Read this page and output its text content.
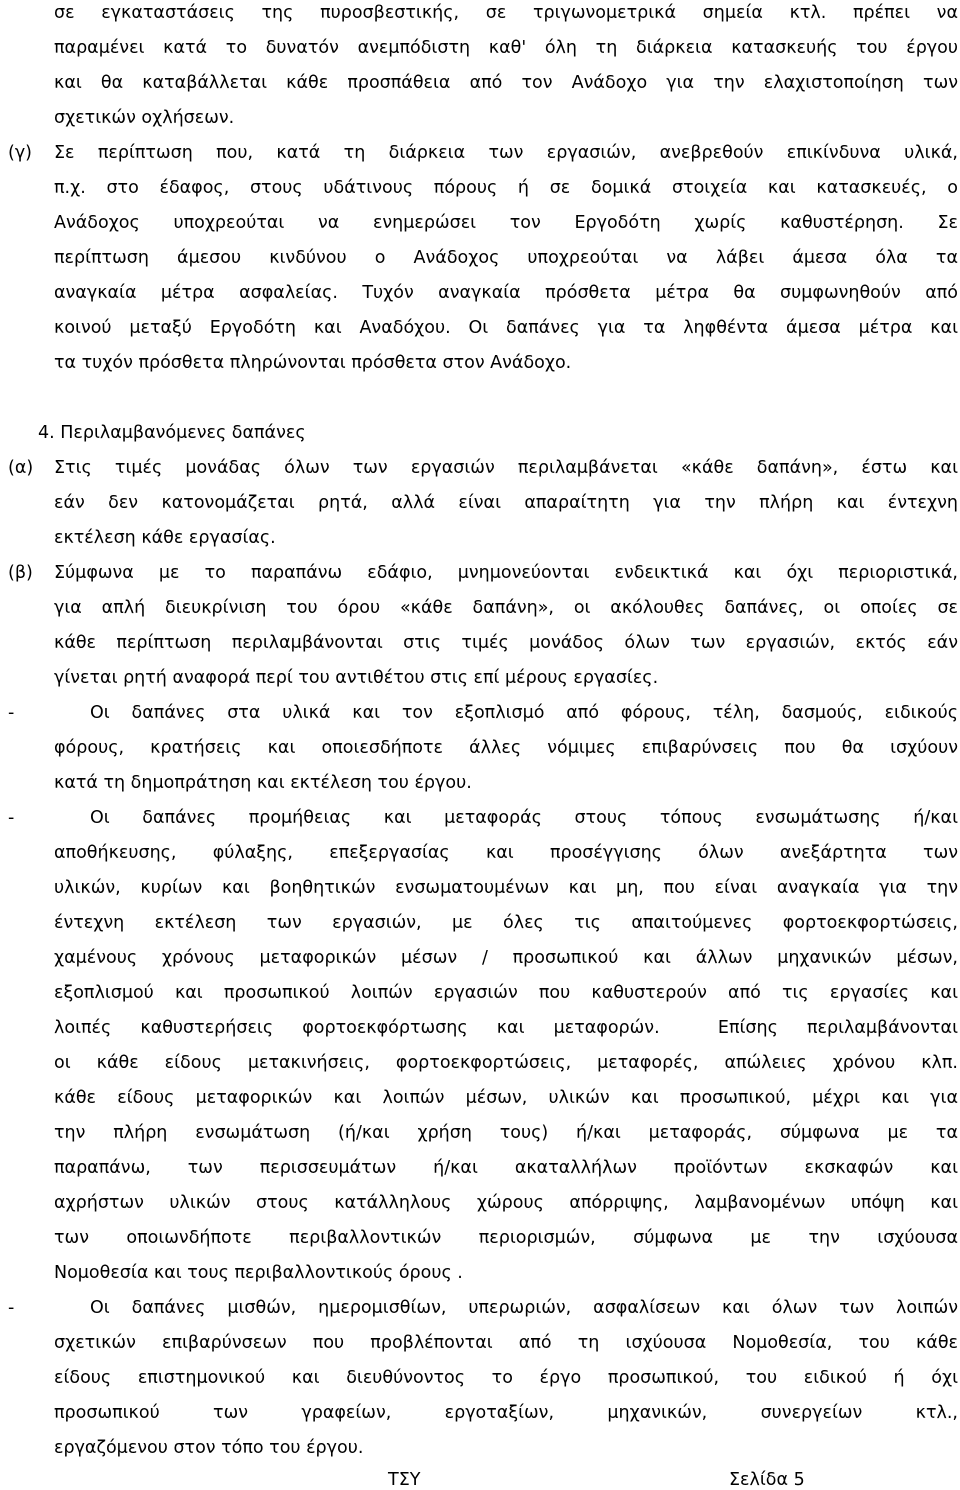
σε εγκαταστάσεις της πυροσβεστικής, σε τριγωνομετρικά σημεία κτλ. πρέπει να
παραμένει κατά το δυνατόν ανεμπόδιστη καθ' όλη τη διάρκεια κατασκευής του έργου
και θα καταβάλλεται κάθε προσπάθεια από τον Ανάδοχο για την ελαχιστοποίηση των
σχετικών οχλήσεων.
(γ) Σε περίπτωση που, κατά τη διάρκεια των εργασιών, ανεβρεθούν επικίνδυνα υλικά,
π.χ. στο έδαφος, στους υδάτινους πόρους ή σε δομικά στοιχεία και κατασκευές, ο
Ανάδοχος υποχρεούται να ενημερώσει τον Εργοδότη χωρίς καθυστέρηση. Σε
περίπτωση άμεσου κινδύνου ο Ανάδοχος υποχρεούται να λάβει άμεσα όλα τα
αναγκαία μέτρα ασφαλείας. Τυχόν αναγκαία πρόσθετα μέτρα θα συμφωνηθούν από
κοινού μεταξύ Εργοδότη και Αναδόχου. Οι δαπάνες για τα ληφθέντα άμεσα μέτρα και
τα τυχόν πρόσθετα πληρώνονται πρόσθετα στον Ανάδοχο.
4. Περιλαμβανόμενες δαπάνες
(α) Στις τιμές μονάδας όλων των εργασιών περιλαμβάνεται «κάθε δαπάνη», έστω και
εάν δεν κατονομάζεται ρητά, αλλά είναι απαραίτητη για την πλήρη και έντεχνη
εκτέλεση κάθε εργασίας.
(β) Σύμφωνα με το παραπάνω εδάφιο, μνημονεύονται ενδεικτικά και όχι περιοριστικά,
για απλή διευκρίνιση του όρου «κάθε δαπάνη», οι ακόλουθες δαπάνες, οι οποίες σε
κάθε περίπτωση περιλαμβάνονται στις τιμές μονάδος όλων των εργασιών, εκτός εάν
γίνεται ρητή αναφορά περί του αντιθέτου στις επί μέρους εργασίες.
-	Οι δαπάνες στα υλικά και τον εξοπλισμό από φόρους, τέλη, δασμούς, ειδικούς
φόρους, κρατήσεις και οποιεσδήποτε άλλες νόμιμες επιβαρύνσεις που θα ισχύουν
κατά τη δημοπράτηση και εκτέλεση του έργου.
-	Οι δαπάνες προμήθειας και μεταφοράς στους τόπους ενσωμάτωσης ή/και
αποθήκευσης, φύλαξης, επεξεργασίας και προσέγγισης όλων ανεξάρτητα των
υλικών, κυρίων και βοηθητικών ενσωματουμένων και μη, που είναι αναγκαία για την
έντεχνη εκτέλεση των εργασιών, με όλες τις απαιτούμενες φορτοεκφορτώσεις,
χαμένους χρόνους μεταφορικών μέσων / προσωπικού και άλλων μηχανικών μέσων,
εξοπλισμού και προσωπικού λοιπών εργασιών που καθυστερούν από τις εργασίες και
λοιπές καθυστερήσεις φορτοεκφόρτωσης και μεταφορών.  Επίσης περιλαμβάνονται
οι κάθε είδους μετακινήσεις, φορτοεκφορτώσεις, μεταφορές, απώλειες χρόνου κλπ.
κάθε είδους μεταφορικών και λοιπών μέσων, υλικών και προσωπικού, μέχρι και για
την πλήρη ενσωμάτωση (ή/και χρήση τους) ή/και μεταφοράς, σύμφωνα με τα
παραπάνω, των περισσευμάτων ή/και ακαταλλήλων προϊόντων εκσκαφών και
αχρήστων υλικών στους κατάλληλους χώρους απόρριψης, λαμβανομένων υπόψη και
των οποιωνδήποτε περιβαλλοντικών περιορισμών, σύμφωνα με την ισχύουσα
Νομοθεσία και τους περιβαλλοντικούς όρους .
-	Οι δαπάνες μισθών, ημερομισθίων, υπερωριών, ασφαλίσεων και όλων των λοιπών
σχετικών επιβαρύνσεων που προβλέπονται από τη ισχύουσα Νομοθεσία, του κάθε
είδους επιστημονικού και διευθύνοντος το έργο προσωπικού, του ειδικού ή όχι
προσωπικού των γραφείων, εργοταξίων, μηχανικών, συνεργείων κτλ.,
εργαζόμενου στον τόπο του έργου.
ΤΣΥ	Σελίδα 5
